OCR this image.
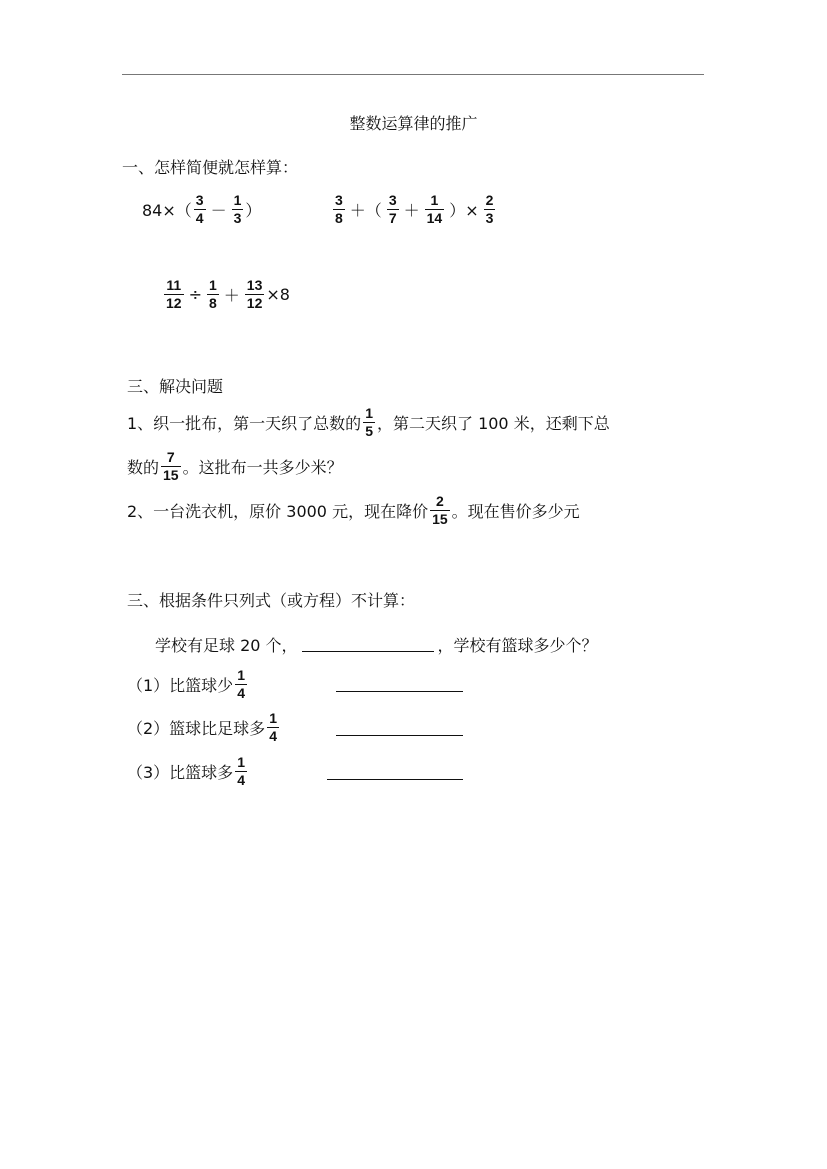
整数运算律的推广
一、怎样简便就怎样算：
$84\times( \frac{3}{4} - \frac{1}{3}$ ）	$\frac{3}{8}$ ＋（ $\frac{3}{7} + \frac{1}{14}$ ）× $\frac{2}{3}$
$\frac{11}{12} \div \frac{1}{8} + \frac{13}{12} \times 8$
三、解决问题
1、织一批布，第一天织了总数的 $\frac{1}{5}$ ，第二天织了 100 米，还剩下总
数的 $\frac{7}{15}$ 。这批布一共多少米？
2、一台洗衣机，原价 3000 元，现在降价 $\frac{2}{15}$ 。现在售价多少元
三、根据条件只列式（或方程）不计算：
学校有足球 20 个，	，学校有篮球多少个？
（1）比篮球少 $\frac{1}{4}$
（2）篮球比足球多 $\frac{1}{4}$
（3）比篮球多 $\frac{1}{4}$
